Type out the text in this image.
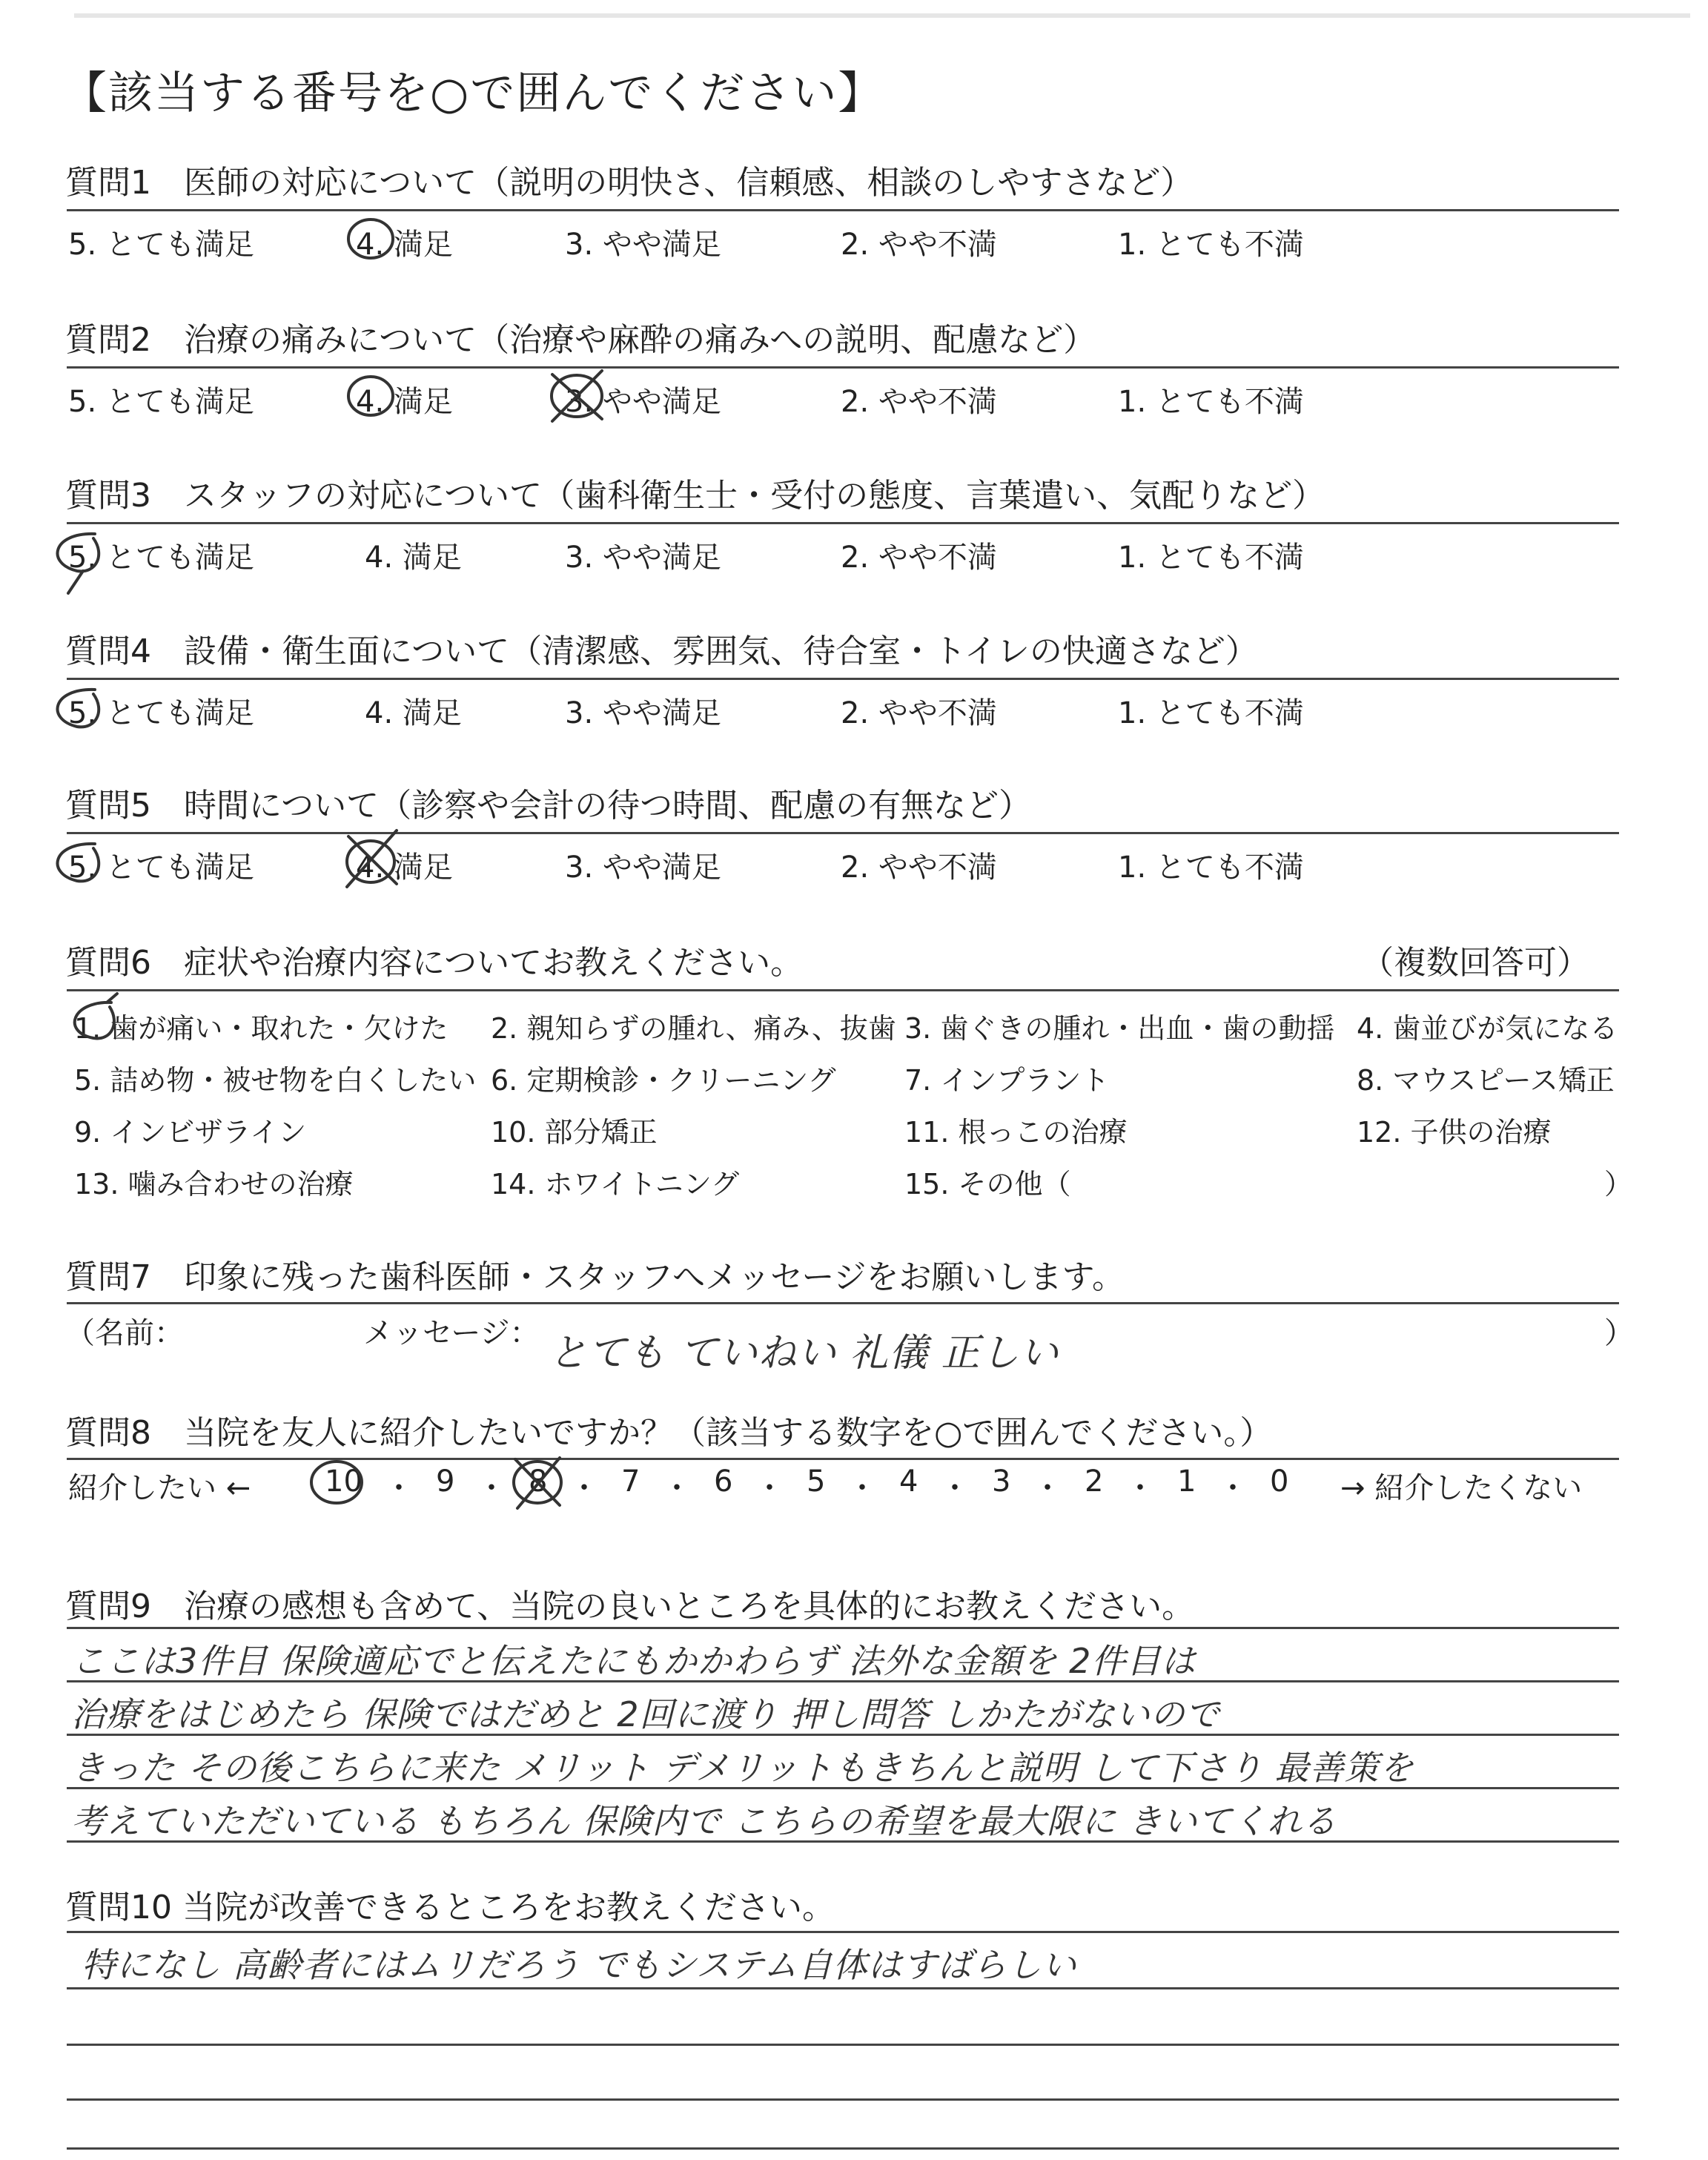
【該当する番号を○で囲んでください】
質問1　医師の対応について（説明の明快さ、信頼感、相談のしやすさなど）
5. とても満足	4. 満足	3. やや満足	2. やや不満	1. とても不満
質問2　治療の痛みについて（治療や麻酔の痛みへの説明、配慮など）
5. とても満足	4. 満足	3. やや満足	2. やや不満	1. とても不満
質問3　スタッフの対応について（歯科衛生士・受付の態度、言葉遣い、気配りなど）
5. とても満足	4. 満足	3. やや満足	2. やや不満	1. とても不満
質問4　設備・衛生面について（清潔感、雰囲気、待合室・トイレの快適さなど）
5. とても満足	4. 満足	3. やや満足	2. やや不満	1. とても不満
質問5　時間について（診察や会計の待つ時間、配慮の有無など）
5. とても満足	4. 満足	3. やや満足	2. やや不満	1. とても不満
質問6　症状や治療内容についてお教えください。	（複数回答可）
1. 歯が痛い・取れた・欠けた 2. 親知らずの腫れ、痛み、抜歯 3. 歯ぐきの腫れ・出血・歯の動揺 4. 歯並びが気になる
5. 詰め物・被せ物を白くしたい 6. 定期検診・クリーニング 7. インプラント	8. マウスピース矯正
9. インビザライン	10. 部分矯正	11. 根っこの治療	12. 子供の治療
13. 噛み合わせの治療	14. ホワイトニング	15. その他（	）
質問7　印象に残った歯科医師・スタッフへメッセージをお願いします。
（名前：	メッセージ：	）
とても ていねい 礼儀 正しい
質問8　当院を友人に紹介したいですか？（該当する数字を○で囲んでください。）
紹介したい ← 10 ・ 9 ・ 8 ・ 7 ・ 6 ・ 5 ・ 4 ・ 3 ・ 2 ・ 1 ・ 0 → 紹介したくない
質問9　治療の感想も含めて、当院の良いところを具体的にお教えください。
ここは3件目 保険適応でと伝えたにもかかわらず 法外な金額を 2件目は
治療をはじめたら 保険ではだめと 2回に渡り 押し問答 しかたがないので
きった その後こちらに来た メリット デメリットもきちんと説明 して下さり 最善策を
考えていただいている もちろん 保険内で こちらの希望を最大限に きいてくれる
質問10 当院が改善できるところをお教えください。
特になし 高齢者にはムリだろう でもシステム自体はすばらしい
